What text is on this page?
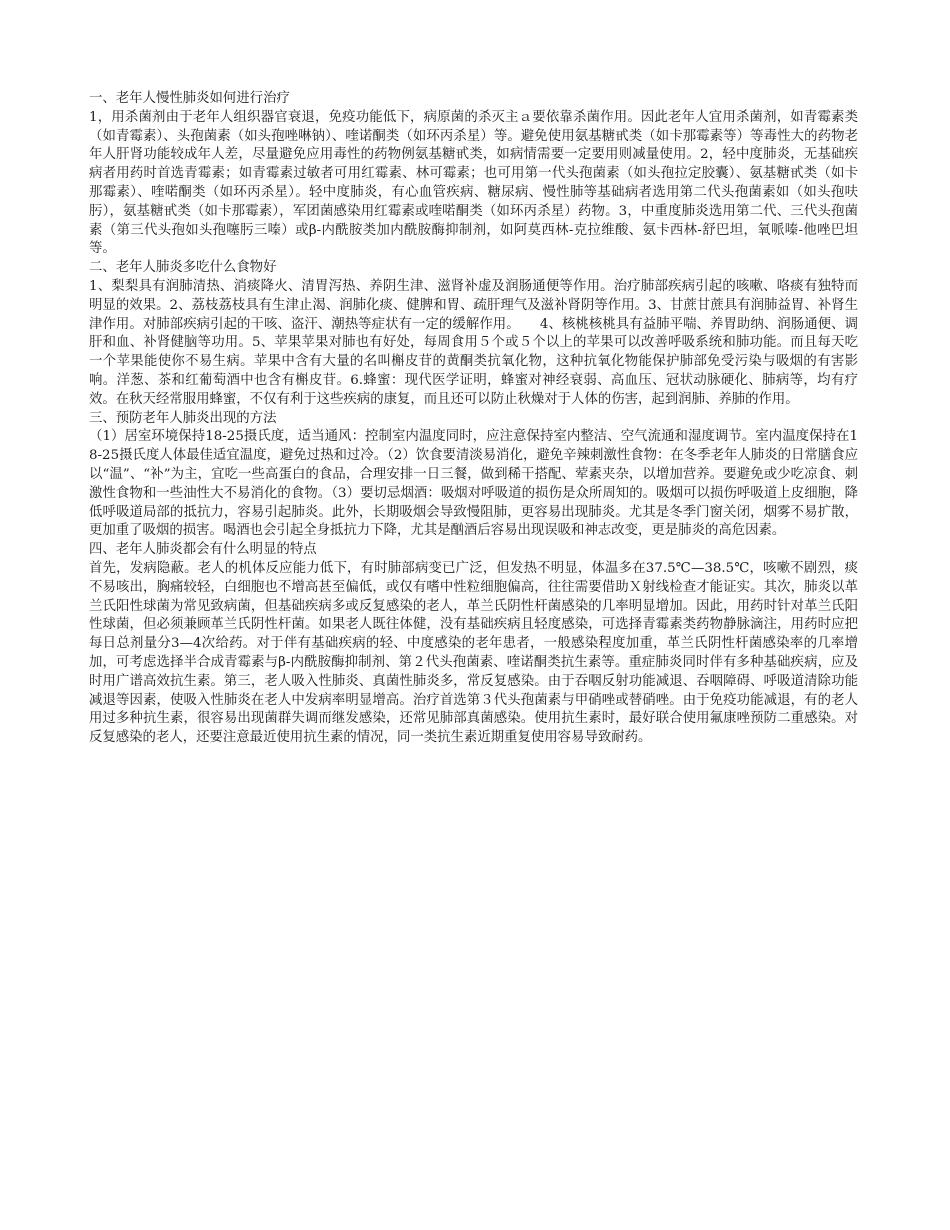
一、老年人慢性肺炎如何进行治疗

1，用杀菌剂由于老年人组织器官衰退，免疫功能低下，病原菌的杀灭主ａ要依靠杀菌作用。因此老年人宜用杀菌剂，如青霉素类（如青霉素）、头孢菌素（如头孢唑啉钠）、喹诺酮类（如环丙杀星）等。避免使用氨基糖甙类（如卡那霉素等）等毒性大的药物老年人肝肾功能较成年人差，尽量避免应用毒性的药物例氨基糖甙类，如病情需要一定要用则减量使用。2，轻中度肺炎，无基础疾病者用药时首选青霉素；如青霉素过敏者可用红霉素、林可霉素；也可用第一代头孢菌素（如头孢拉定胶囊）、氨基糖甙类（如卡那霉素）、喹喏酮类（如环丙杀星）。轻中度肺炎，有心血管疾病、糖尿病、慢性肺等基础病者选用第二代头孢菌素如（如头孢呋肟），氨基糖甙类（如卡那霉素），军团菌感染用红霉素或喹喏酮类（如环丙杀星）药物。3，中重度肺炎选用第二代、三代头孢菌素（第三代头孢如头孢噻肟三嗪）或β-内酰胺类加内酰胺酶抑制剂，如阿莫西林-克拉维酸、氨卡西林-舒巴坦，氧哌嗪-他唑巴坦等。

二、老年人肺炎多吃什么食物好

1、梨梨具有润肺清热、消痰降火、清胃泻热、养阴生津、滋肾补虚及润肠通便等作用。治疗肺部疾病引起的咳嗽、咯痰有独特而明显的效果。2、荔枝荔枝具有生津止渴、润肺化痰、健脾和胃、疏肝理气及滋补肾阴等作用。3、甘蔗甘蔗具有润肺益胃、补肾生津作用。对肺部疾病引起的干咳、盗汗、潮热等症状有一定的缓解作用。　　4、核桃核桃具有益肺平喘、养胃助纳、润肠通便、调肝和血、补肾健脑等功用。5、苹果苹果对肺也有好处，每周食用５个或５个以上的苹果可以改善呼吸系统和肺功能。而且每天吃一个苹果能使你不易生病。苹果中含有大量的名叫槲皮苷的黄酮类抗氧化物，这种抗氧化物能保护肺部免受污染与吸烟的有害影响。洋葱、茶和红葡萄酒中也含有槲皮苷。6.蜂蜜：现代医学证明，蜂蜜对神经衰弱、高血压、冠状动脉硬化、肺病等，均有疗效。在秋天经常服用蜂蜜，不仅有利于这些疾病的康复，而且还可以防止秋燥对于人体的伤害，起到润肺、养肺的作用。

三、预防老年人肺炎出现的方法

（1）居室环境保持18-25摄氏度，适当通风：控制室内温度同时，应注意保持室内整洁、空气流通和湿度调节。室内温度保持在18-25摄氏度人体最佳适宜温度，避免过热和过冷。（2）饮食要清淡易消化，避免辛辣刺激性食物：在冬季老年人肺炎的日常膳食应以“温”、“补”为主，宜吃一些高蛋白的食品，合理安排一日三餐，做到稀干搭配、荤素夹杂，以增加营养。要避免或少吃凉食、刺激性食物和一些油性大不易消化的食物。（3）要切忌烟酒：吸烟对呼吸道的损伤是众所周知的。吸烟可以损伤呼吸道上皮细胞，降低呼吸道局部的抵抗力，容易引起肺炎。此外，长期吸烟会导致慢阻肺，更容易出现肺炎。尤其是冬季门窗关闭，烟雾不易扩散，更加重了吸烟的损害。喝酒也会引起全身抵抗力下降，尤其是酗酒后容易出现误吸和神志改变，更是肺炎的高危因素。

四、老年人肺炎都会有什么明显的特点

首先，发病隐蔽。老人的机体反应能力低下，有时肺部病变已广泛，但发热不明显，体温多在37.5℃—38.5℃，咳嗽不剧烈，痰不易咳出，胸痛较轻，白细胞也不增高甚至偏低，或仅有嗜中性粒细胞偏高，往往需要借助Ｘ射线检查才能证实。其次，肺炎以革兰氏阳性球菌为常见致病菌，但基础疾病多或反复感染的老人，革兰氏阴性杆菌感染的几率明显增加。因此，用药时针对革兰氏阳性球菌，但必须兼顾革兰氏阴性杆菌。如果老人既往体健，没有基础疾病且轻度感染，可选择青霉素类药物静脉滴注，用药时应把每日总剂量分3—4次给药。对于伴有基础疾病的轻、中度感染的老年患者，一般感染程度加重，革兰氏阴性杆菌感染率的几率增加，可考虑选择半合成青霉素与β-内酰胺酶抑制剂、第２代头孢菌素、喹诺酮类抗生素等。重症肺炎同时伴有多种基础疾病，应及时用广谱高效抗生素。第三，老人吸入性肺炎、真菌性肺炎多，常反复感染。由于吞咽反射功能减退、吞咽障碍、呼吸道清除功能减退等因素，使吸入性肺炎在老人中发病率明显增高。治疗首选第３代头孢菌素与甲硝唑或替硝唑。由于免疫功能减退，有的老人用过多种抗生素，很容易出现菌群失调而继发感染，还常见肺部真菌感染。使用抗生素时，最好联合使用氟康唑预防二重感染。对反复感染的老人，还要注意最近使用抗生素的情况，同一类抗生素近期重复使用容易导致耐药。
